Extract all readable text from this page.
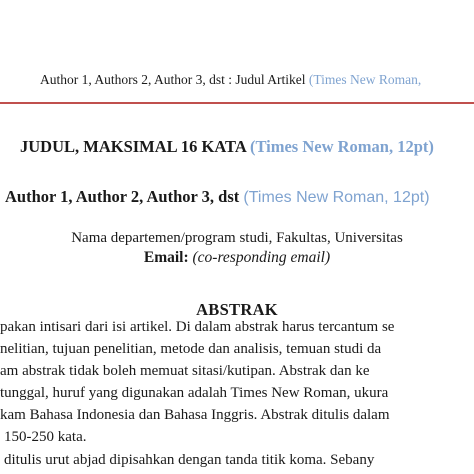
Author 1, Authors 2, Author 3, dst : Judul Artikel (Times New Roman,
JUDUL, MAKSIMAL 16 KATA (Times New Roman, 12pt)
Author 1, Author 2, Author 3, dst (Times New Roman, 12pt)
Nama departemen/program studi, Fakultas, Universitas
Email: (co-responding email)
ABSTRAK
pakan intisari dari isi artikel. Di dalam abstrak harus tercantum se
nelitian, tujuan penelitian, metode dan analisis, temuan studi da
am abstrak tidak boleh memuat sitasi/kutipan. Abstrak dan ke
tunggal, huruf yang digunakan adalah Times New Roman, ukura
kam Bahasa Indonesia dan Bahasa Inggris. Abstrak ditulis dalam
150-250 kata.
ditulis urut abjad dipisahkan dengan tanda titik koma. Sebany
